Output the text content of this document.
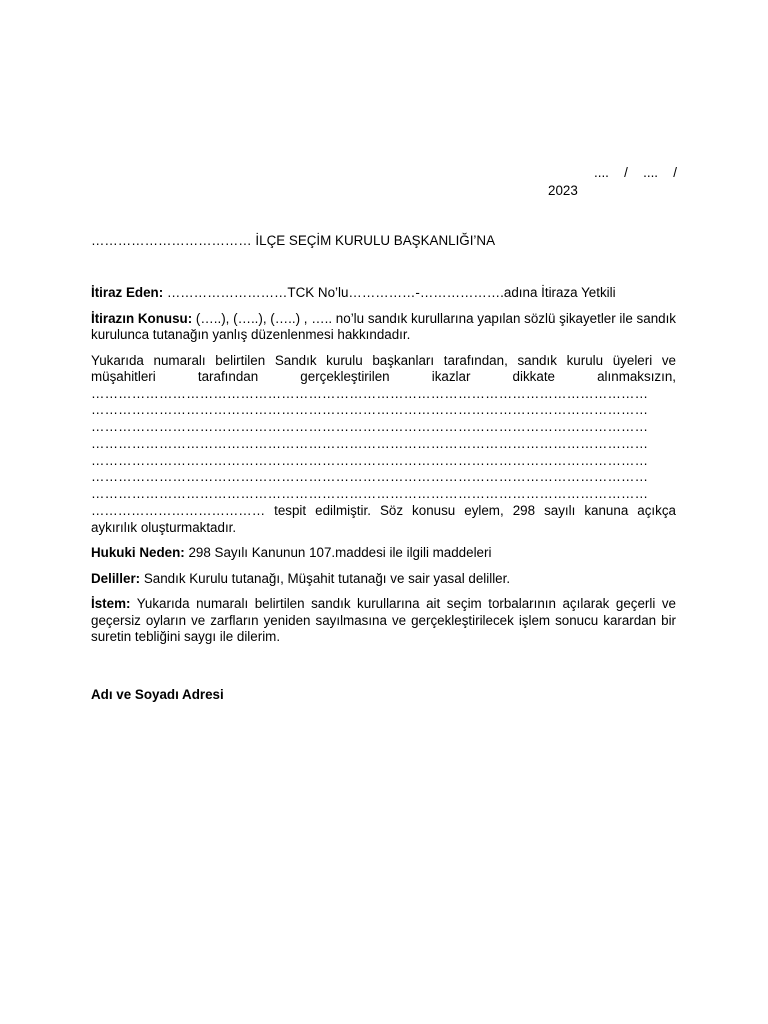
.... / .... /
2023
……………………………… İLÇE SEÇİM KURULU BAŞKANLIĞI’NA

İtiraz Eden: ………………………TCK No’lu……………-……………….adına İtiraza Yetkili

İtirazın Konusu: (…..), (…..), (…..) , ….. no’lu sandık kurullarına yapılan sözlü şikayetler ile sandık kurulunca tutanağın yanlış düzenlenmesi hakkındadır.

Yukarıda numaralı belirtilen Sandık kurulu başkanları tarafından, sandık kurulu üyeleri ve müşahitleri tarafından gerçekleştirilen ikazlar dikkate alınmaksızın,

……………………………………………………………………………………………………………
……………………………………………………………………………………………………………
……………………………………………………………………………………………………………
……………………………………………………………………………………………………………
……………………………………………………………………………………………………………
……………………………………………………………………………………………………………
……………………………………………………………………………………………………………

………………………………… tespit edilmiştir. Söz konusu eylem, 298 sayılı kanuna açıkça aykırılık oluşturmaktadır.

Hukuki Neden: 298 Sayılı Kanunun 107.maddesi ile ilgili maddeleri

Deliller: Sandık Kurulu tutanağı, Müşahit tutanağı ve sair yasal deliller.

İstem: Yukarıda numaralı belirtilen sandık kurullarına ait seçim torbalarının açılarak geçerli ve geçersiz oyların ve zarfların yeniden sayılmasına ve gerçekleştirilecek işlem sonucu karardan bir suretin tebliğini saygı ile dilerim.

Adı ve Soyadı Adresi
